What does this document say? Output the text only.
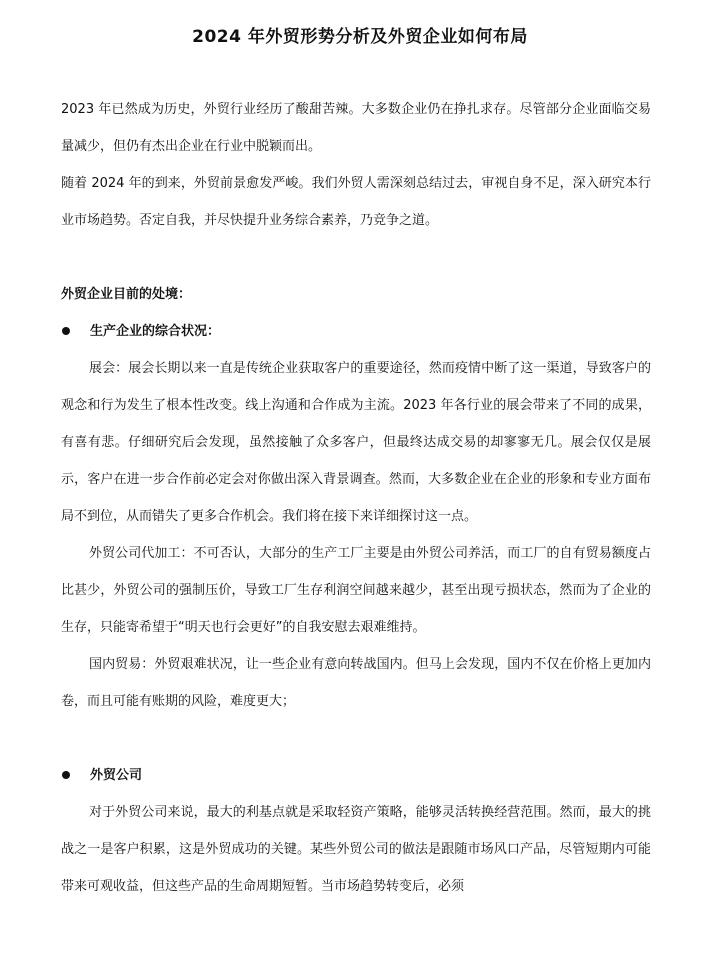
2024 年外贸形势分析及外贸企业如何布局

2023 年已然成为历史，外贸行业经历了酸甜苦辣。大多数企业仍在挣扎求存。尽管部分企业面临交易量减少，但仍有杰出企业在行业中脱颖而出。

随着 2024 年的到来，外贸前景愈发严峻。我们外贸人需深刻总结过去，审视自身不足，深入研究本行业市场趋势。否定自我，并尽快提升业务综合素养，乃竞争之道。

外贸企业目前的处境：

生产企业的综合状况：

展会：展会长期以来一直是传统企业获取客户的重要途径，然而疫情中断了这一渠道，导致客户的观念和行为发生了根本性改变。线上沟通和合作成为主流。2023 年各行业的展会带来了不同的成果，有喜有悲。仔细研究后会发现，虽然接触了众多客户，但最终达成交易的却寥寥无几。展会仅仅是展示，客户在进一步合作前必定会对你做出深入背景调查。然而，大多数企业在企业的形象和专业方面布局不到位，从而错失了更多合作机会。我们将在接下来详细探讨这一点。

外贸公司代加工：不可否认，大部分的生产工厂主要是由外贸公司养活，而工厂的自有贸易额度占比甚少，外贸公司的强制压价，导致工厂生存利润空间越来越少，甚至出现亏损状态，然而为了企业的生存，只能寄希望于“明天也行会更好”的自我安慰去艰难维持。

国内贸易：外贸艰难状况，让一些企业有意向转战国内。但马上会发现，国内不仅在价格上更加内卷，而且可能有账期的风险，难度更大；

外贸公司

对于外贸公司来说，最大的利基点就是采取轻资产策略，能够灵活转换经营范围。然而，最大的挑战之一是客户积累，这是外贸成功的关键。某些外贸公司的做法是跟随市场风口产品，尽管短期内可能带来可观收益，但这些产品的生命周期短暂。当市场趋势转变后，必须
